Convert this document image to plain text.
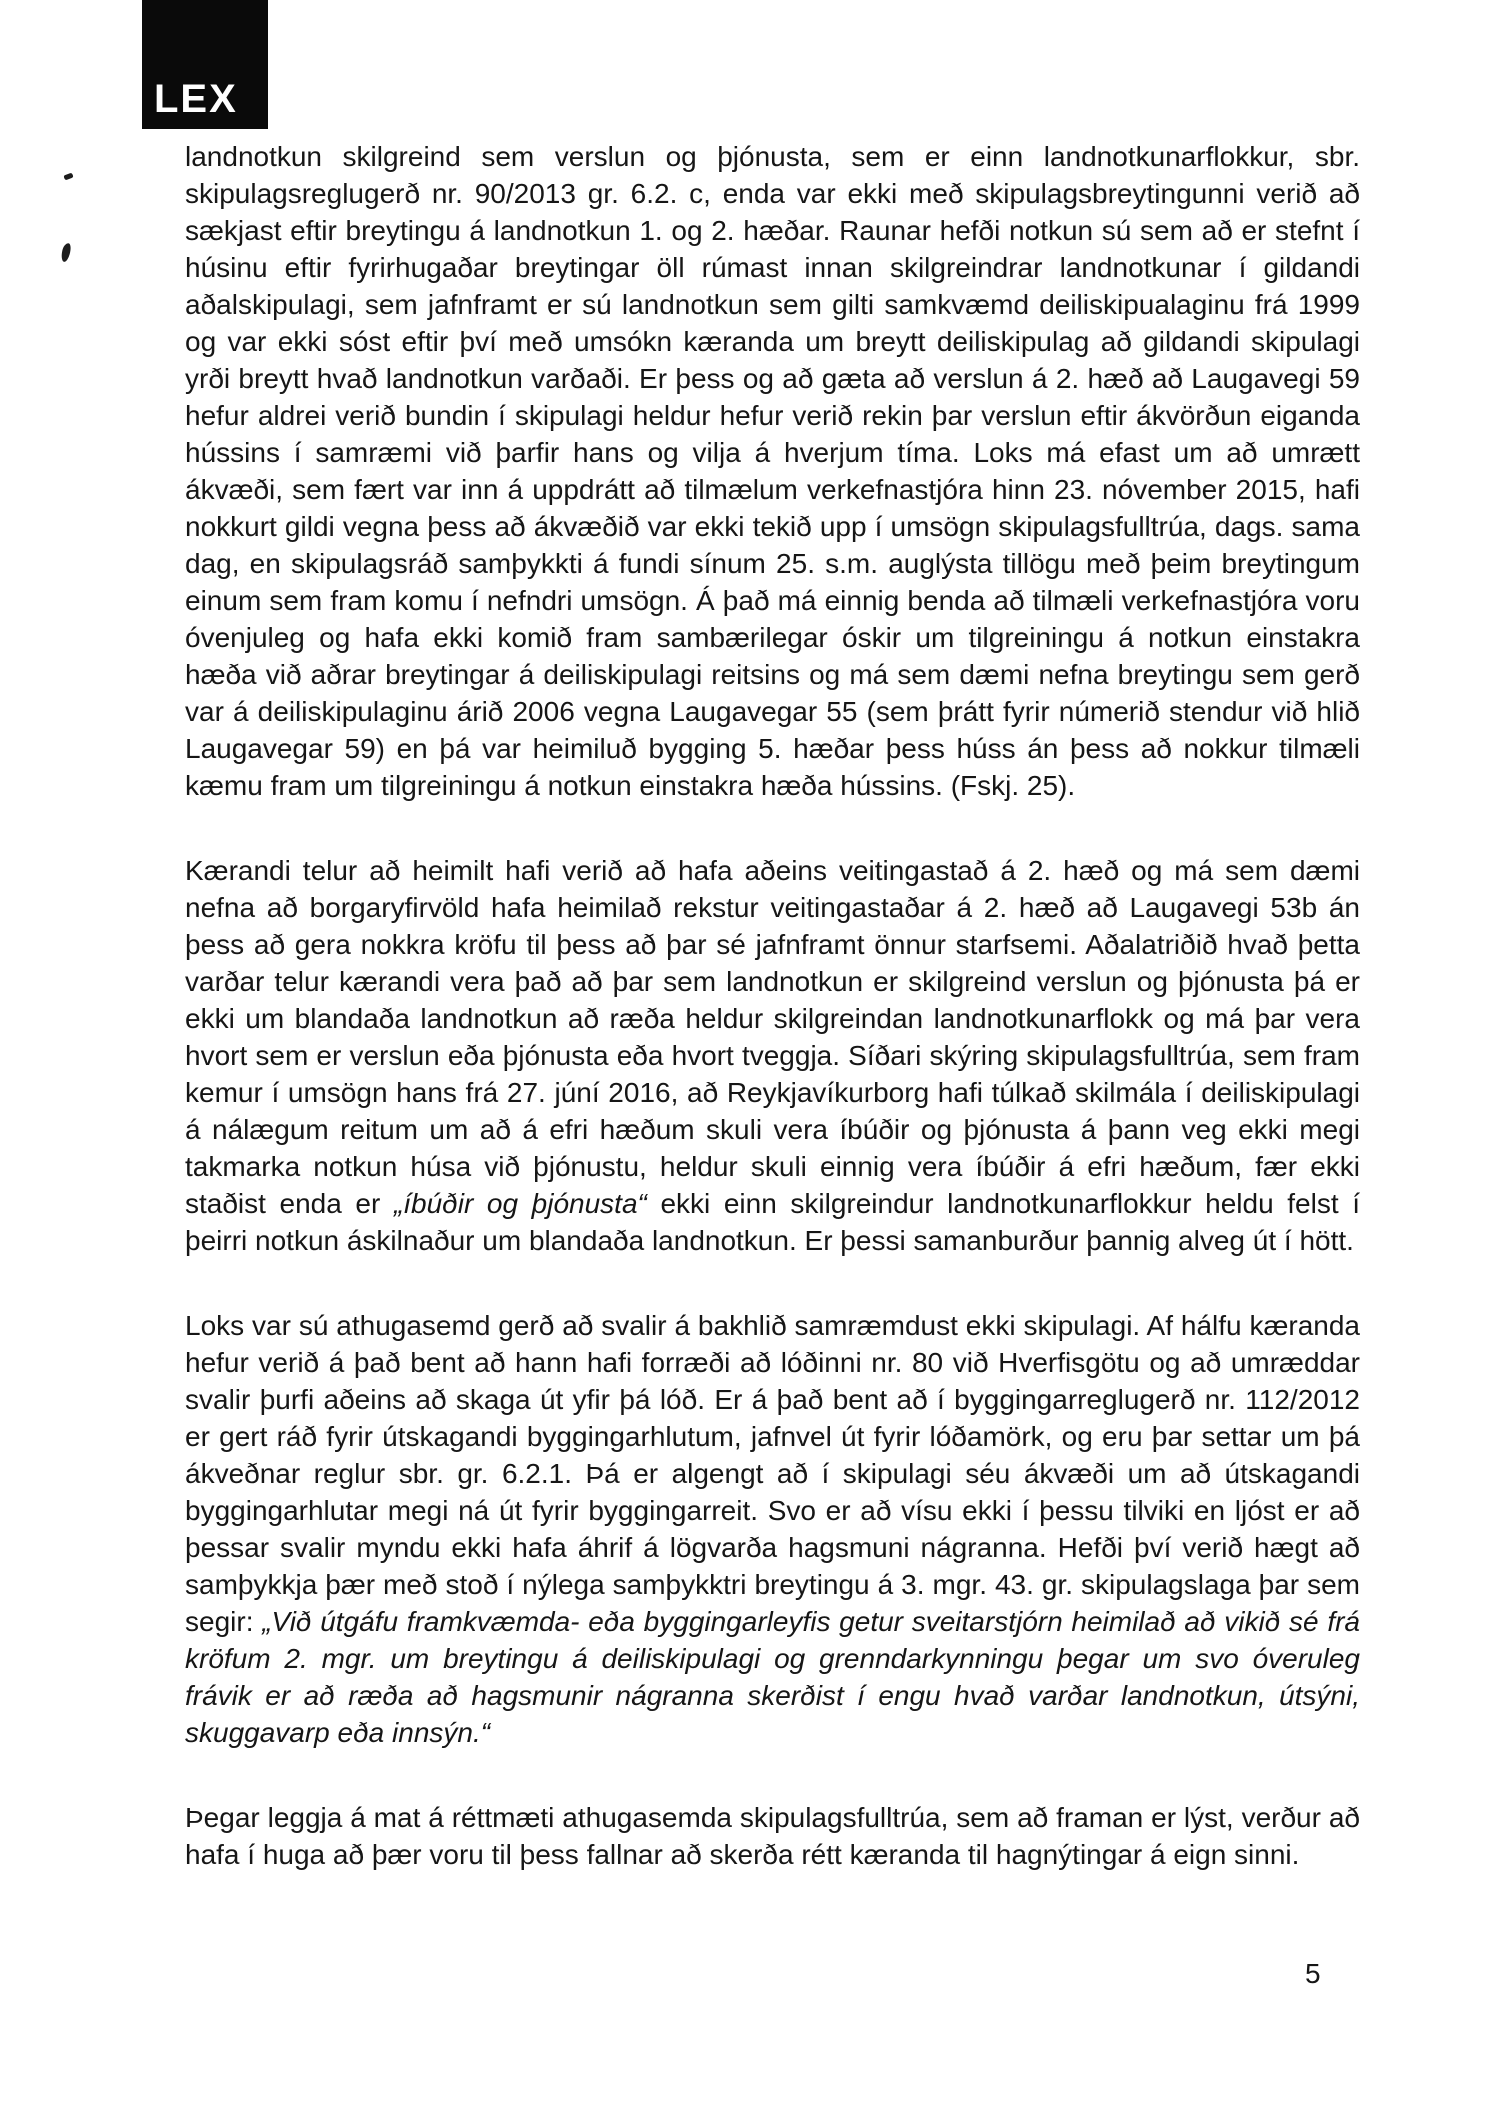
LEX

landnotkun skilgreind sem verslun og þjónusta, sem er einn landnotkunarflokkur, sbr. skipulagsreglugerð nr. 90/2013 gr. 6.2. c, enda var ekki með skipulagsbreytingunni verið að sækjast eftir breytingu á landnotkun 1. og 2. hæðar. Raunar hefði notkun sú sem að er stefnt í húsinu eftir fyrirhugaðar breytingar öll rúmast innan skilgreindrar landnotkunar í gildandi aðalskipulagi, sem jafnframt er sú landnotkun sem gilti samkvæmd deiliskipualaginu frá 1999 og var ekki sóst eftir því með umsókn kæranda um breytt deiliskipulag að gildandi skipulagi yrði breytt hvað landnotkun varðaði. Er þess og að gæta að verslun á 2. hæð að Laugavegi 59 hefur aldrei verið bundin í skipulagi heldur hefur verið rekin þar verslun eftir ákvörðun eiganda hússins í samræmi við þarfir hans og vilja á hverjum tíma. Loks má efast um að umrætt ákvæði, sem fært var inn á uppdrátt að tilmælum verkefnastjóra hinn 23. nóvember 2015, hafi nokkurt gildi vegna þess að ákvæðið var ekki tekið upp í umsögn skipulagsfulltrúa, dags. sama dag, en skipulagsráð samþykkti á fundi sínum 25. s.m. auglýsta tillögu með þeim breytingum einum sem fram komu í nefndri umsögn. Á það má einnig benda að tilmæli verkefnastjóra voru óvenjuleg og hafa ekki komið fram sambærilegar óskir um tilgreiningu á notkun einstakra hæða við aðrar breytingar á deiliskipulagi reitsins og má sem dæmi nefna breytingu sem gerð var á deiliskipulaginu árið 2006 vegna Laugavegar 55 (sem þrátt fyrir númerið stendur við hlið Laugavegar 59) en þá var heimiluð bygging 5. hæðar þess húss án þess að nokkur tilmæli kæmu fram um tilgreiningu á notkun einstakra hæða hússins. (Fskj. 25).

Kærandi telur að heimilt hafi verið að hafa aðeins veitingastað á 2. hæð og má sem dæmi nefna að borgaryfirvöld hafa heimilað rekstur veitingastaðar á 2. hæð að Laugavegi 53b án þess að gera nokkra kröfu til þess að þar sé jafnframt önnur starfsemi. Aðalatriðið hvað þetta varðar telur kærandi vera það að þar sem landnotkun er skilgreind verslun og þjónusta þá er ekki um blandaða landnotkun að ræða heldur skilgreindan landnotkunarflokk og má þar vera hvort sem er verslun eða þjónusta eða hvort tveggja. Síðari skýring skipulagsfulltrúa, sem fram kemur í umsögn hans frá 27. júní 2016, að Reykjavíkurborg hafi túlkað skilmála í deiliskipulagi á nálægum reitum um að á efri hæðum skuli vera íbúðir og þjónusta á þann veg ekki megi takmarka notkun húsa við þjónustu, heldur skuli einnig vera íbúðir á efri hæðum, fær ekki staðist enda er „íbúðir og þjónusta“ ekki einn skilgreindur landnotkunarflokkur heldu felst í þeirri notkun áskilnaður um blandaða landnotkun. Er þessi samanburður þannig alveg út í hött.

Loks var sú athugasemd gerð að svalir á bakhlið samræmdust ekki skipulagi. Af hálfu kæranda hefur verið á það bent að hann hafi forræði að lóðinni nr. 80 við Hverfisgötu og að umræddar svalir þurfi aðeins að skaga út yfir þá lóð. Er á það bent að í byggingarreglugerð nr. 112/2012 er gert ráð fyrir útskagandi byggingarhlutum, jafnvel út fyrir lóðamörk, og eru þar settar um þá ákveðnar reglur sbr. gr. 6.2.1. Þá er algengt að í skipulagi séu ákvæði um að útskagandi byggingarhlutar megi ná út fyrir byggingarreit. Svo er að vísu ekki í þessu tilviki en ljóst er að þessar svalir myndu ekki hafa áhrif á lögvarða hagsmuni nágranna. Hefði því verið hægt að samþykkja þær með stoð í nýlega samþykktri breytingu á 3. mgr. 43. gr. skipulagslaga þar sem segir: „Við útgáfu framkvæmda- eða byggingarleyfis getur sveitarstjórn heimilað að vikið sé frá kröfum 2. mgr. um breytingu á deiliskipulagi og grenndarkynningu þegar um svo óveruleg frávik er að ræða að hagsmunir nágranna skerðist í engu hvað varðar landnotkun, útsýni, skuggavarp eða innsýn.“

Þegar leggja á mat á réttmæti athugasemda skipulagsfulltrúa, sem að framan er lýst, verður að hafa í huga að þær voru til þess fallnar að skerða rétt kæranda til hagnýtingar á eign sinni.

5
